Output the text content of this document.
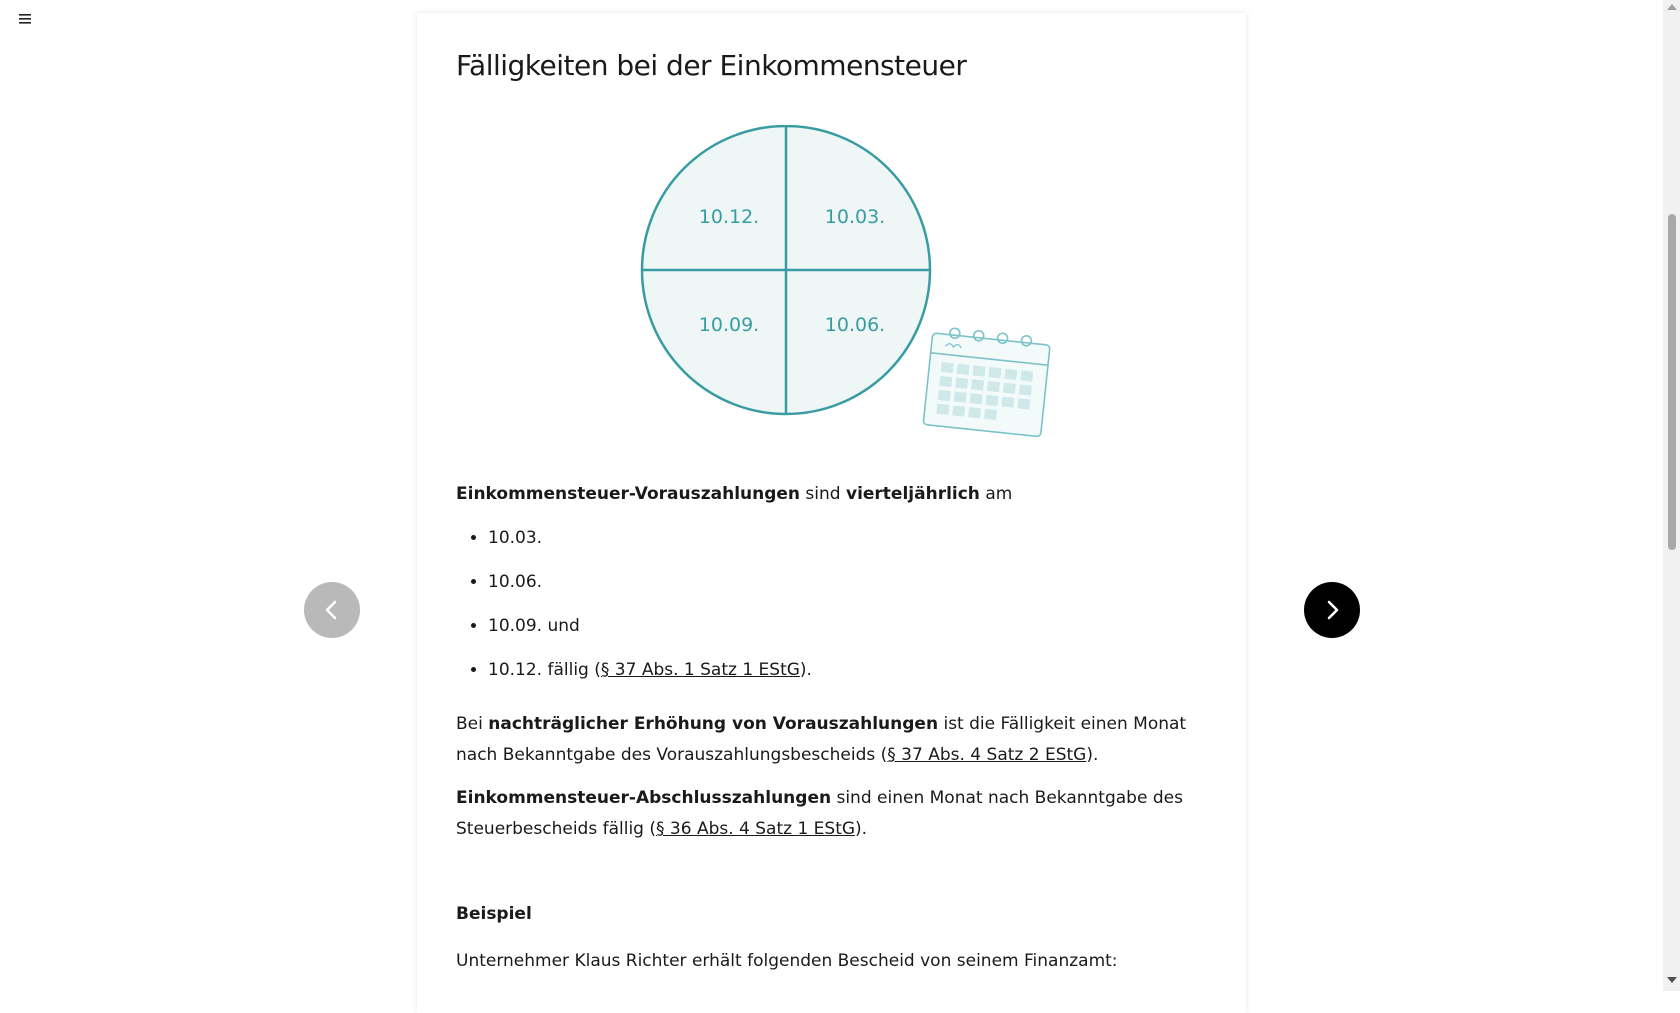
Fälligkeiten bei der Einkommensteuer
10.12.	10.03.
10.09.	10.06.

Einkommensteuer-Vorauszahlungen sind vierteljährlich am

• 10.03.
• 10.06.
• 10.09. und
• 10.12. fällig (§ 37 Abs. 1 Satz 1 EStG).

Bei nachträglicher Erhöhung von Vorauszahlungen ist die Fälligkeit einen Monat nach Bekanntgabe des Vorauszahlungsbescheids (§ 37 Abs. 4 Satz 2 EStG).

Einkommensteuer-Abschlusszahlungen sind einen Monat nach Bekanntgabe des Steuerbescheids fällig (§ 36 Abs. 4 Satz 1 EStG).

Beispiel

Unternehmer Klaus Richter erhält folgenden Bescheid von seinem Finanzamt:
